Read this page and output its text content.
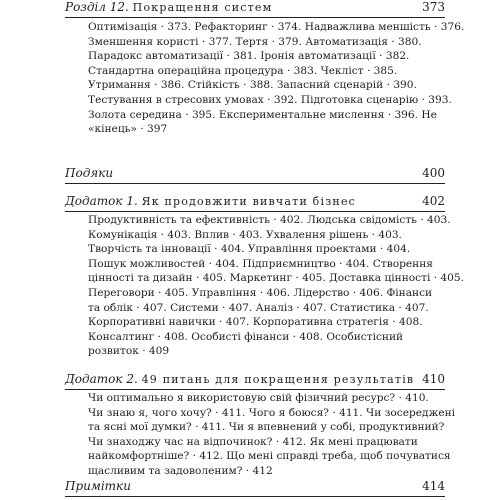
Розділ 12. Покращення систем	373
Оптимізація · 373. Рефакторинг · 374. Надважлива меншість · 376.
Зменшення користі · 377. Тертя · 379. Автоматизація · 380.
Парадокс автоматизації · 381. Іронія автоматизації · 382.
Стандартна операційна процедура · 383. Чекліст · 385.
Утримання · 386. Стійкість · 388. Запасний сценарій · 390.
Тестування в стресових умовах · 392. Підготовка сценарію · 393.
Золота середина · 395. Експериментальне мислення · 396. Не
«кінець» · 397
Подяки	400
Додаток 1. Як продовжити вивчати бізнес	402
Продуктивність та ефективність · 402. Людська свідомість · 403.
Комунікація · 403. Вплив · 403. Ухвалення рішень · 403.
Творчість та інновації · 404. Управління проектами · 404.
Пошук можливостей · 404. Підприємництво · 404. Створення
цінності та дизайн · 405. Маркетинг · 405. Доставка цінності · 405.
Переговори · 405. Управління · 406. Лідерство · 406. Фінанси
та облік · 407. Системи · 407. Аналіз · 407. Статистика · 407.
Корпоративні навички · 407. Корпоративна стратегія · 408.
Консалтинг · 408. Особисті фінанси · 408. Особистісний
розвиток · 409
Додаток 2. 49 питань для покращення результатів 410
Чи оптимально я використовую свій фізичний ресурс? · 410.
Чи знаю я, чого хочу? · 411. Чого я боюся? · 411. Чи зосереджені
та ясні мої думки? · 411. Чи я впевнений у собі, продуктивний?
Чи знаходжу час на відпочинок? · 412. Як мені працювати
найкомфортніше? · 412. Що мені справді треба, щоб почуватися
щасливим та задоволеним? · 412
Примітки	414
